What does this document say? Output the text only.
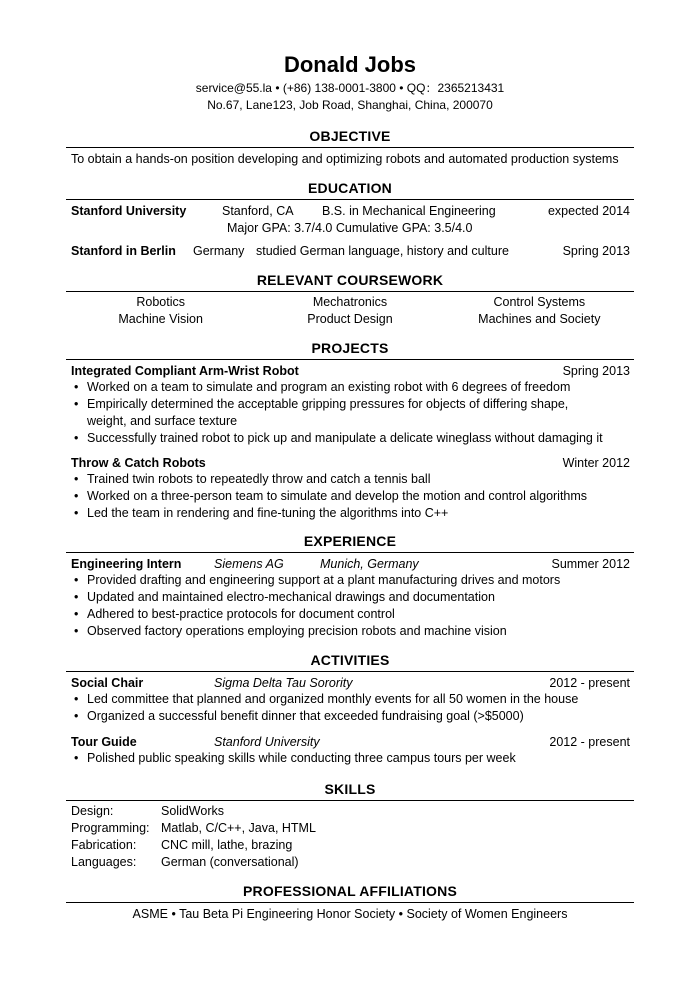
Donald Jobs
service@55.la • (+86) 138-0001-3800 • QQ：2365213431
No.67, Lane123, Job Road, Shanghai, China, 200070
OBJECTIVE
To obtain a hands-on position developing and optimizing robots and automated production systems
EDUCATION
Stanford University	Stanford, CA B.S. in Mechanical Engineering	expected 2014
Major GPA: 3.7/4.0 Cumulative GPA: 3.5/4.0
Stanford in Berlin Germany studied German language, history and culture	Spring 2013
RELEVANT COURSEWORK
Robotics	Mechatronics	Control Systems
Machine Vision	Product Design	Machines and Society
PROJECTS
Integrated Compliant Arm-Wrist Robot	Spring 2013
• Worked on a team to simulate and program an existing robot with 6 degrees of freedom
• Empirically determined the acceptable gripping pressures for objects of differing shape, weight, and surface texture
• Successfully trained robot to pick up and manipulate a delicate wineglass without damaging it
Throw & Catch Robots	Winter 2012
• Trained twin robots to repeatedly throw and catch a tennis ball
• Worked on a three-person team to simulate and develop the motion and control algorithms
• Led the team in rendering and fine-tuning the algorithms into C++
EXPERIENCE
Engineering Intern	Siemens AG	Munich, Germany	Summer 2012
• Provided drafting and engineering support at a plant manufacturing drives and motors
• Updated and maintained electro-mechanical drawings and documentation
• Adhered to best-practice protocols for document control
• Observed factory operations employing precision robots and machine vision
ACTIVITIES
Social Chair	Sigma Delta Tau Sorority	2012 - present
• Led committee that planned and organized monthly events for all 50 women in the house
• Organized a successful benefit dinner that exceeded fundraising goal (>$5000)
Tour Guide	Stanford University	2012 - present
• Polished public speaking skills while conducting three campus tours per week
SKILLS
Design:	SolidWorks
Programming: Matlab, C/C++, Java, HTML
Fabrication:	CNC mill, lathe, brazing
Languages:	German (conversational)
PROFESSIONAL AFFILIATIONS
ASME • Tau Beta Pi Engineering Honor Society • Society of Women Engineers
